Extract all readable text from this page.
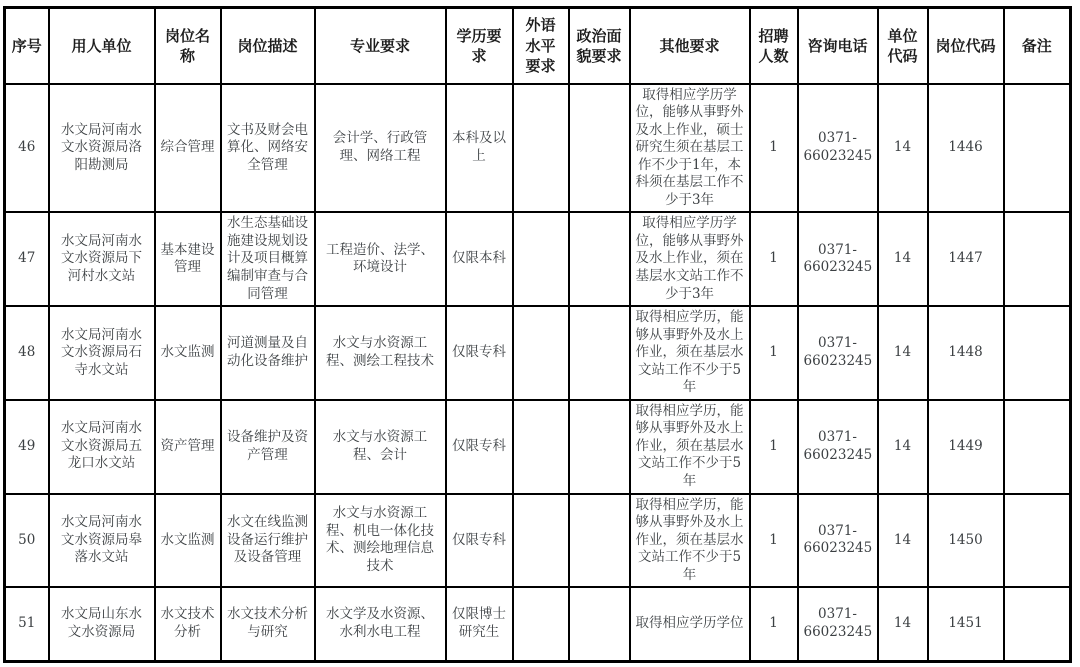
序号	用人单位	岗位名称	岗位描述	专业要求	学历要求	外语水平要求	政治面貌要求	其他要求	招聘人数	咨询电话	单位代码	岗位代码	备注
46	水文局河南水文水资源局洛阳勘测局	综合管理	文书及财会电算化、网络安全管理	会计学、行政管理、网络工程	本科及以上			取得相应学历学位，能够从事野外及水上作业，硕士研究生须在基层工作不少于1年，本科须在基层工作不少于3年	1	0371-66023245	14	1446	
47	水文局河南水文水资源局下河村水文站	基本建设管理	水生态基础设施建设规划设计及项目概算编制审查与合同管理	工程造价、法学、环境设计	仅限本科			取得相应学历学位，能够从事野外及水上作业，须在基层水文站工作不少于3年	1	0371-66023245	14	1447	
48	水文局河南水文水资源局石寺水文站	水文监测	河道测量及自动化设备维护	水文与水资源工程、测绘工程技术	仅限专科			取得相应学历，能够从事野外及水上作业，须在基层水文站工作不少于5年	1	0371-66023245	14	1448	
49	水文局河南水文水资源局五龙口水文站	资产管理	设备维护及资产管理	水文与水资源工程、会计	仅限专科			取得相应学历，能够从事野外及水上作业，须在基层水文站工作不少于5年	1	0371-66023245	14	1449	
50	水文局河南水文水资源局皋落水文站	水文监测	水文在线监测设备运行维护及设备管理	水文与水资源工程、机电一体化技术、测绘地理信息技术	仅限专科			取得相应学历，能够从事野外及水上作业，须在基层水文站工作不少于5年	1	0371-66023245	14	1450	
51	水文局山东水文水资源局	水文技术分析	水文技术分析与研究	水文学及水资源、水利水电工程	仅限博士研究生			取得相应学历学位	1	0371-66023245	14	1451	
